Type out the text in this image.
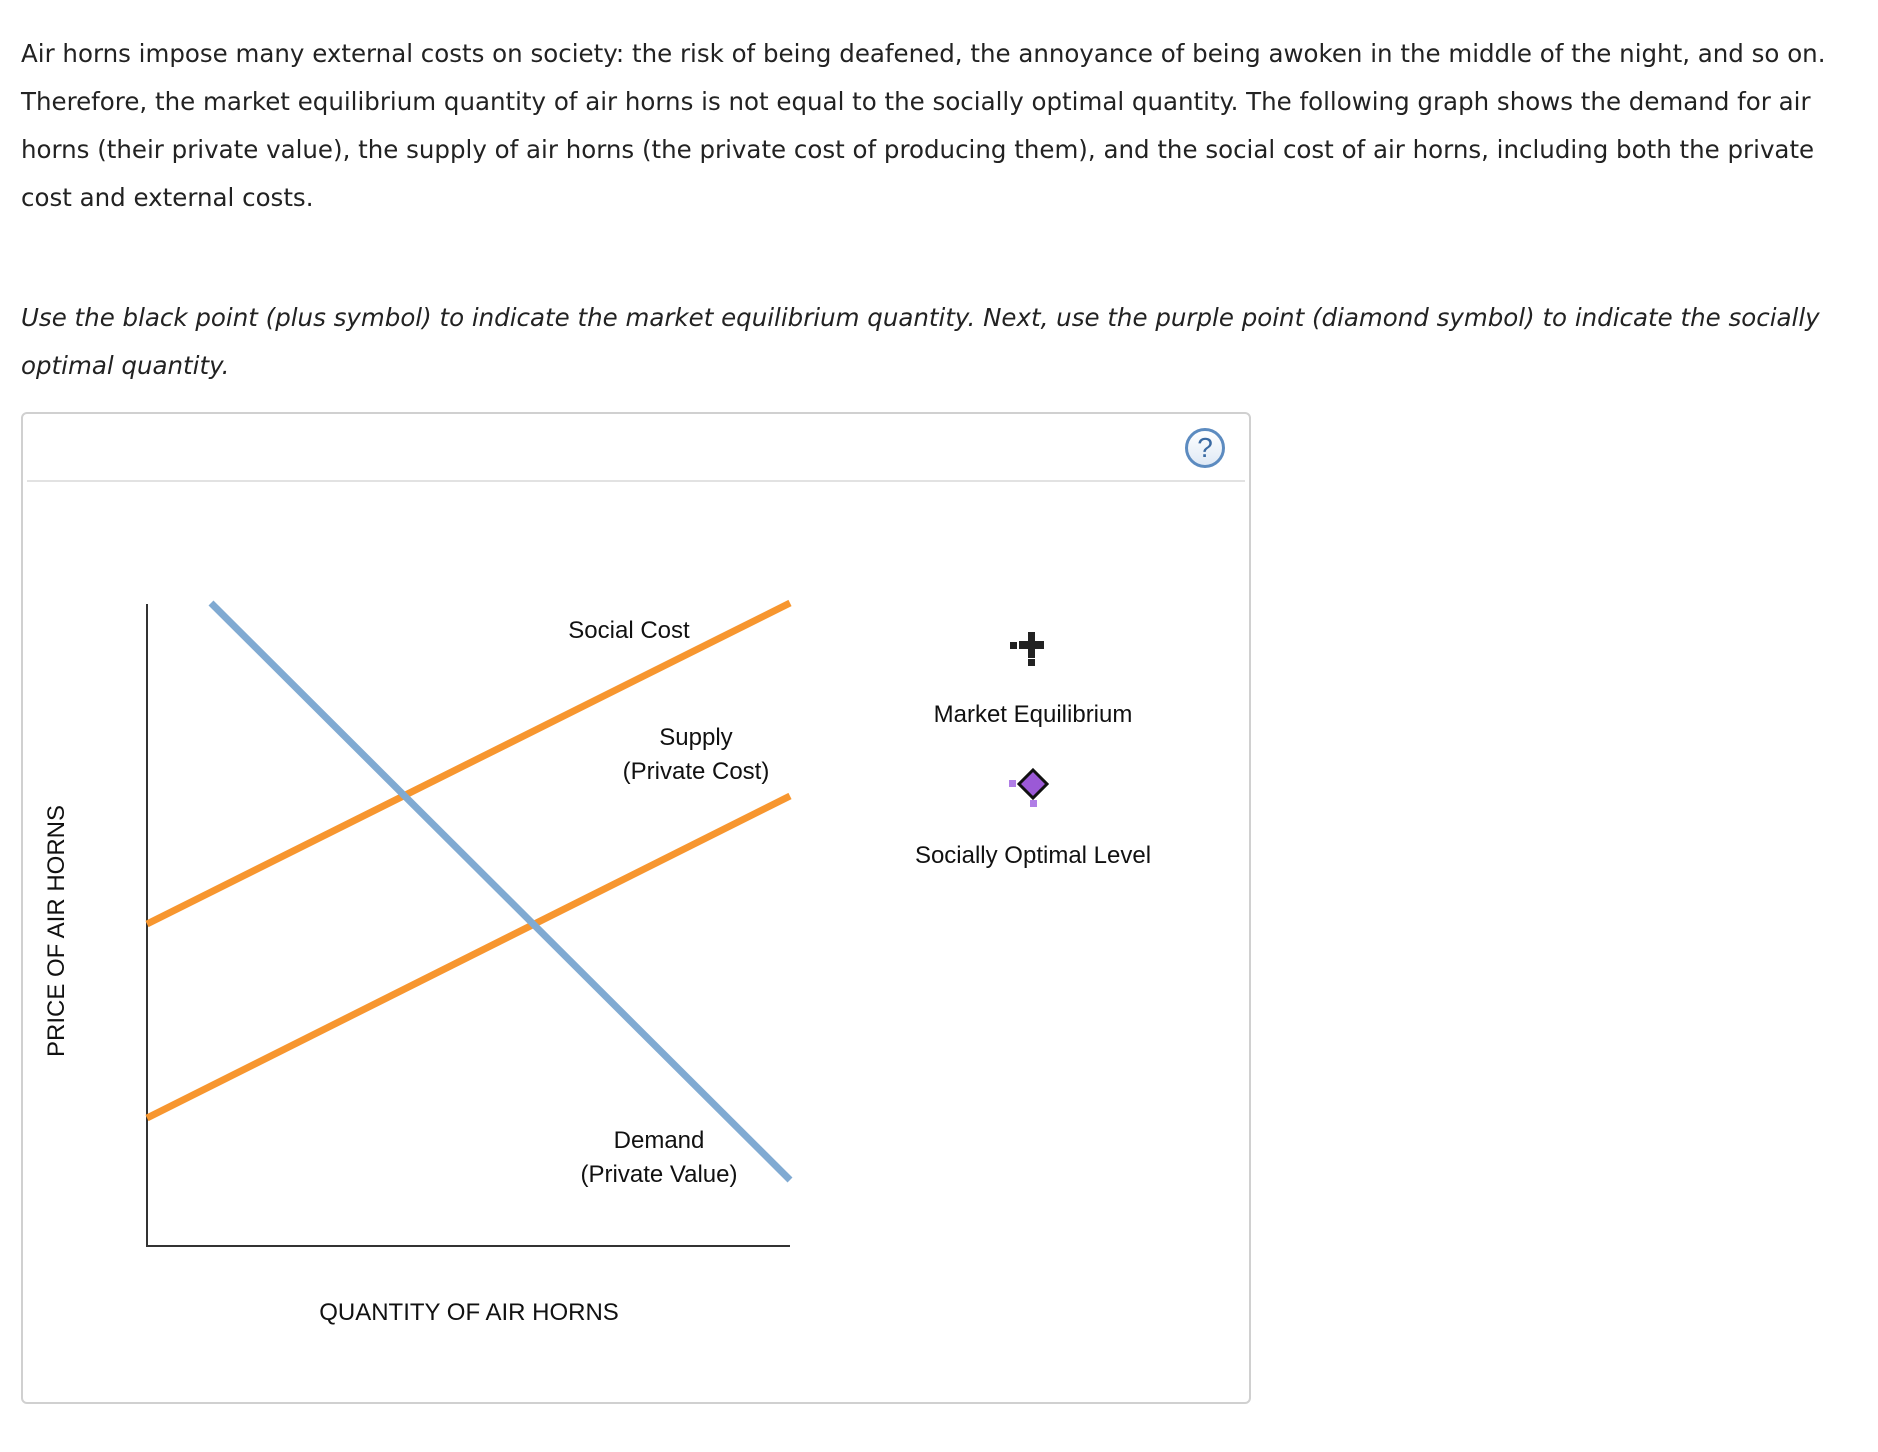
Air horns impose many external costs on society: the risk of being deafened, the annoyance of being awoken in the middle of the night, and so on. Therefore, the market equilibrium quantity of air horns is not equal to the socially optimal quantity. The following graph shows the demand for air horns (their private value), the supply of air horns (the private cost of producing them), and the social cost of air horns, including both the private cost and external costs.

Use the black point (plus symbol) to indicate the market equilibrium quantity. Next, use the purple point (diamond symbol) to indicate the socially optimal quantity.

?
Social Cost
Supply
(Private Cost)
Demand
(Private Value)
PRICE OF AIR HORNS
QUANTITY OF AIR HORNS
Market Equilibrium
Socially Optimal Level
